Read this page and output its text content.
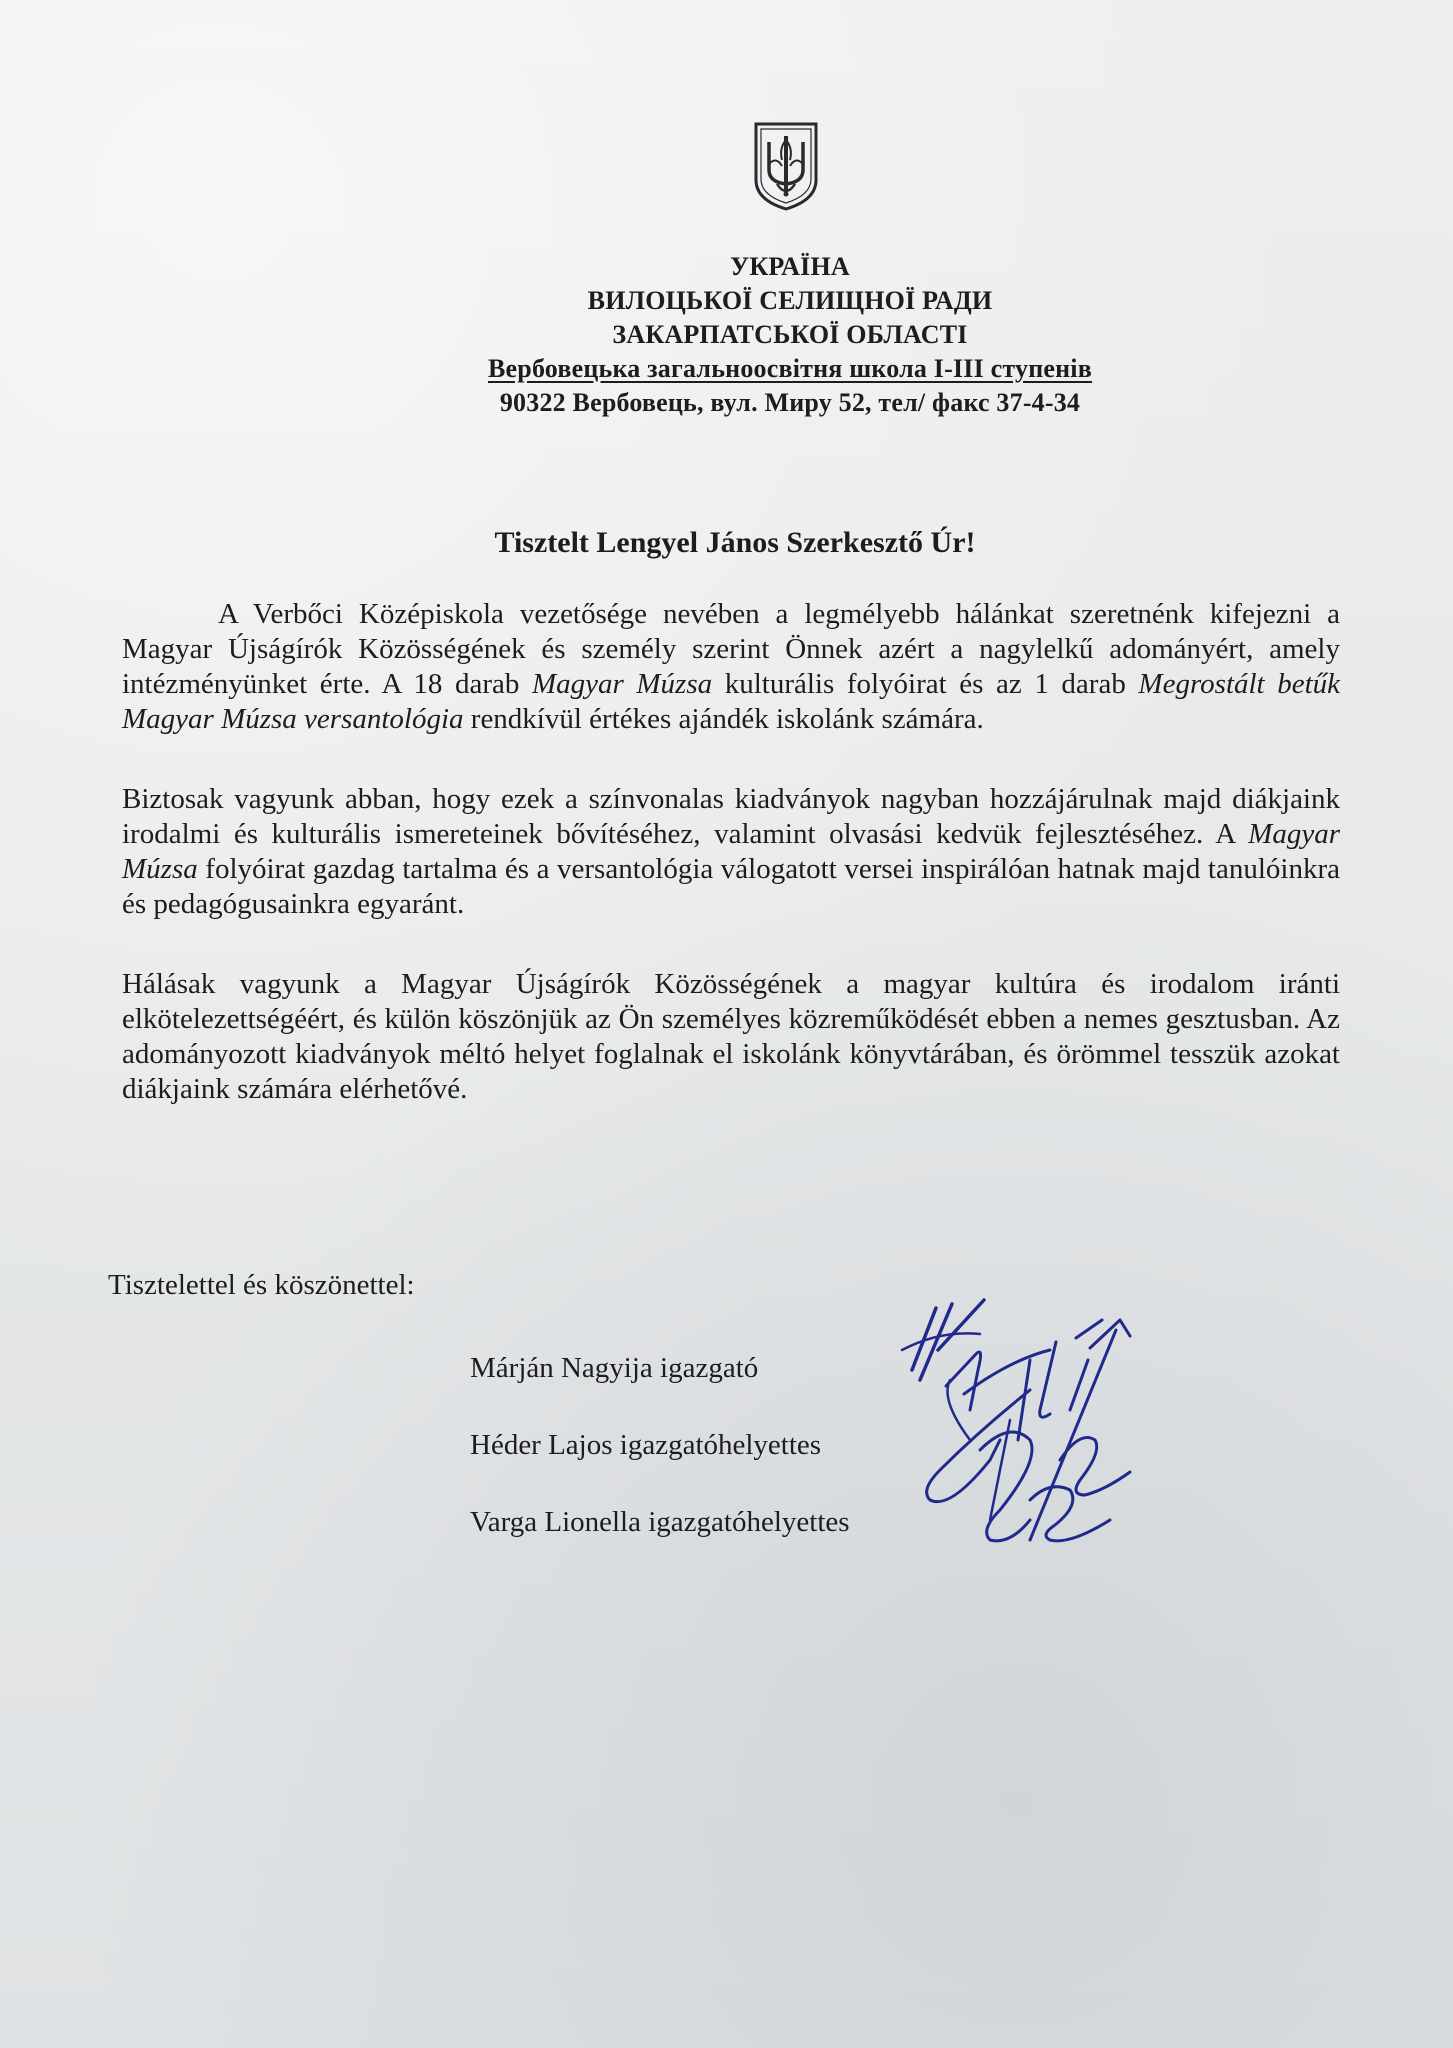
УКРАЇНА
ВИЛОЦЬКОЇ СЕЛИЩНОЇ РАДИ
ЗАКАРПАТСЬКОЇ ОБЛАСТІ
Вербовецька загальноосвітня школа І-ІІІ ступенів
90322 Вербовець, вул. Миру 52, тел/ факс 37-4-34
Tisztelt Lengyel János Szerkesztő Úr!

A Verbőci Középiskola vezetősége nevében a legmélyebb hálánkat szeretnénk kifejezni a Magyar Újságírók Közösségének és személy szerint Önnek azért a nagylelkű adományért, amely intézményünket érte. A 18 darab Magyar Múzsa kulturális folyóirat és az 1 darab Megrostált betűk Magyar Múzsa versantológia rendkívül értékes ajándék iskolánk számára.

Biztosak vagyunk abban, hogy ezek a színvonalas kiadványok nagyban hozzájárulnak majd diákjaink irodalmi és kulturális ismereteinek bővítéséhez, valamint olvasási kedvük fejlesztéséhez. A Magyar Múzsa folyóirat gazdag tartalma és a versantológia válogatott versei inspirálóan hatnak majd tanulóinkra és pedagógusainkra egyaránt.

Hálásak vagyunk a Magyar Újságírók Közösségének a magyar kultúra és irodalom iránti elkötelezettségéért, és külön köszönjük az Ön személyes közreműködését ebben a nemes gesztusban. Az adományozott kiadványok méltó helyet foglalnak el iskolánk könyvtárában, és örömmel tesszük azokat diákjaink számára elérhetővé.

Tisztelettel és köszönettel:
Márján Nagyija igazgató
Héder Lajos igazgatóhelyettes
Varga Lionella igazgatóhelyettes
